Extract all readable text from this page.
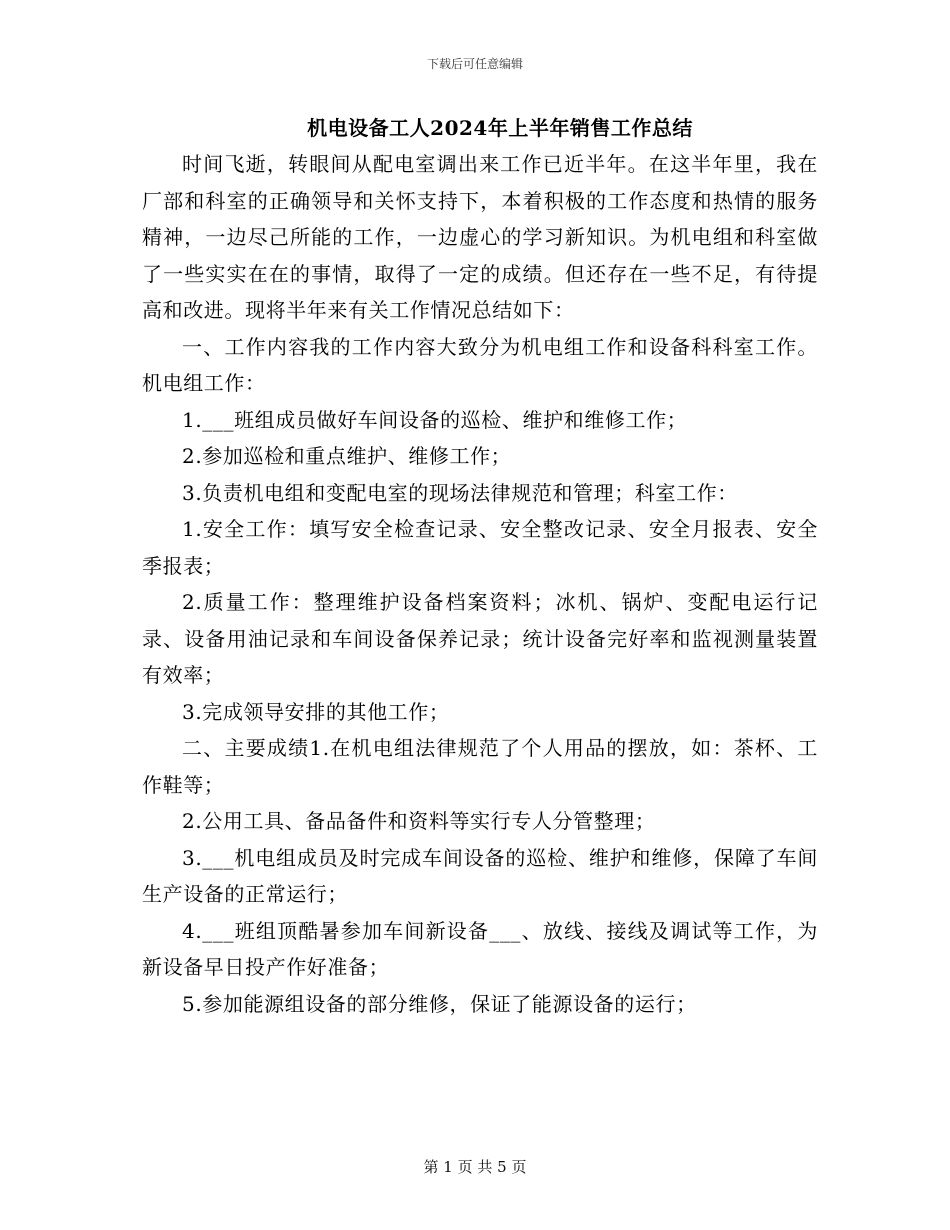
下载后可任意编辑
机电设备工人2024年上半年销售工作总结

时间飞逝，转眼间从配电室调出来工作已近半年。在这半年里，我在厂部和科室的正确领导和关怀支持下，本着积极的工作态度和热情的服务精神，一边尽己所能的工作，一边虚心的学习新知识。为机电组和科室做了一些实实在在的事情，取得了一定的成绩。但还存在一些不足，有待提高和改进。现将半年来有关工作情况总结如下：

一、工作内容我的工作内容大致分为机电组工作和设备科科室工作。机电组工作：

1.___班组成员做好车间设备的巡检、维护和维修工作；

2.参加巡检和重点维护、维修工作；

3.负责机电组和变配电室的现场法律规范和管理；科室工作：

1.安全工作：填写安全检查记录、安全整改记录、安全月报表、安全季报表；

2.质量工作：整理维护设备档案资料；冰机、锅炉、变配电运行记录、设备用油记录和车间设备保养记录；统计设备完好率和监视测量装置有效率；

3.完成领导安排的其他工作；

二、主要成绩1.在机电组法律规范了个人用品的摆放，如：茶杯、工作鞋等；

2.公用工具、备品备件和资料等实行专人分管整理；

3.___机电组成员及时完成车间设备的巡检、维护和维修，保障了车间生产设备的正常运行；

4.___班组顶酷暑参加车间新设备___、放线、接线及调试等工作，为新设备早日投产作好准备；

5.参加能源组设备的部分维修，保证了能源设备的运行；

第 1 页 共 5 页
